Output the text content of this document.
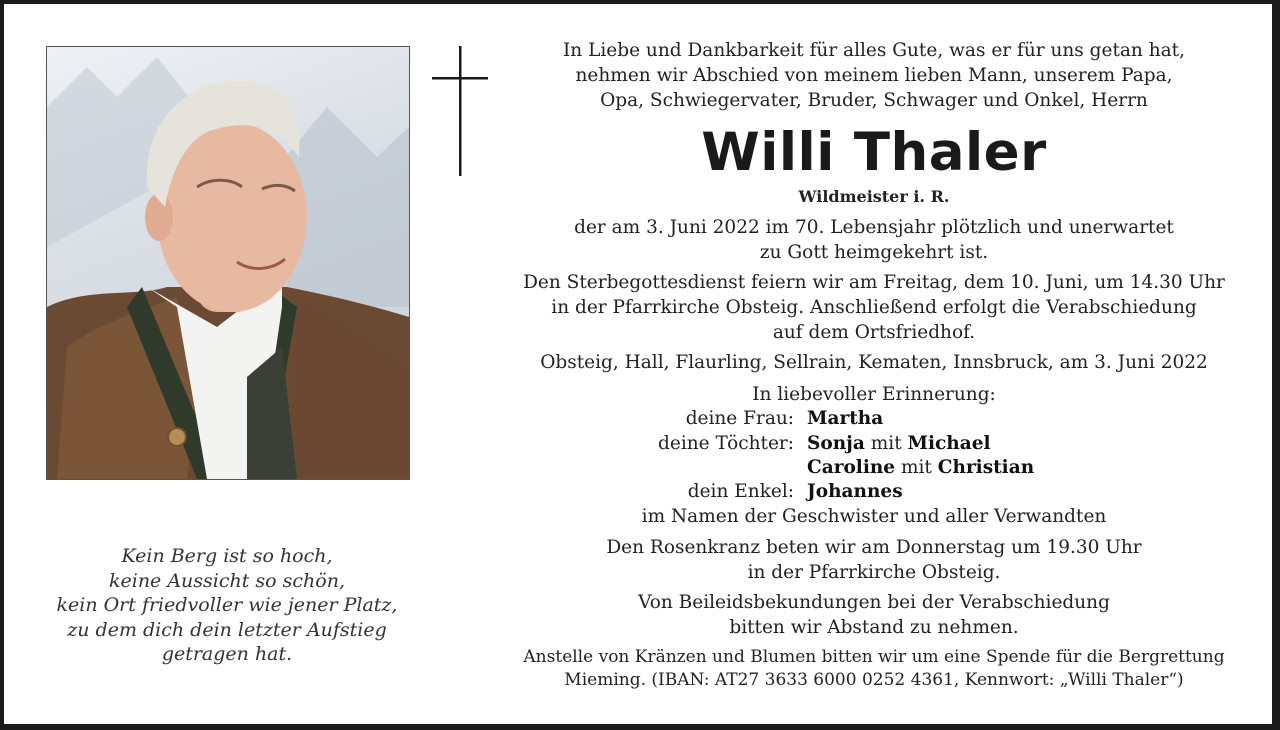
Kein Berg ist so hoch,
keine Aussicht so schön,
kein Ort friedvoller wie jener Platz,
zu dem dich dein letzter Aufstieg
getragen hat.
In Liebe und Dankbarkeit für alles Gute, was er für uns getan hat,
nehmen wir Abschied von meinem lieben Mann, unserem Papa,
Opa, Schwiegervater, Bruder, Schwager und Onkel, Herrn
Willi Thaler
Wildmeister i. R.
der am 3. Juni 2022 im 70. Lebensjahr plötzlich und unerwartet
zu Gott heimgekehrt ist.
Den Sterbegottesdienst feiern wir am Freitag, dem 10. Juni, um 14.30 Uhr
in der Pfarrkirche Obsteig. Anschließend erfolgt die Verabschiedung
auf dem Ortsfriedhof.
Obsteig, Hall, Flaurling, Sellrain, Kematen, Innsbruck, am 3. Juni 2022
In liebevoller Erinnerung:
deine Frau: Martha
deine Töchter: Sonja mit Michael
Caroline mit Christian
dein Enkel: Johannes
im Namen der Geschwister und aller Verwandten
Den Rosenkranz beten wir am Donnerstag um 19.30 Uhr
in der Pfarrkirche Obsteig.
Von Beileidsbekundungen bei der Verabschiedung
bitten wir Abstand zu nehmen.
Anstelle von Kränzen und Blumen bitten wir um eine Spende für die Bergrettung
Mieming. (IBAN: AT27 3633 6000 0252 4361, Kennwort: „Willi Thaler“)
